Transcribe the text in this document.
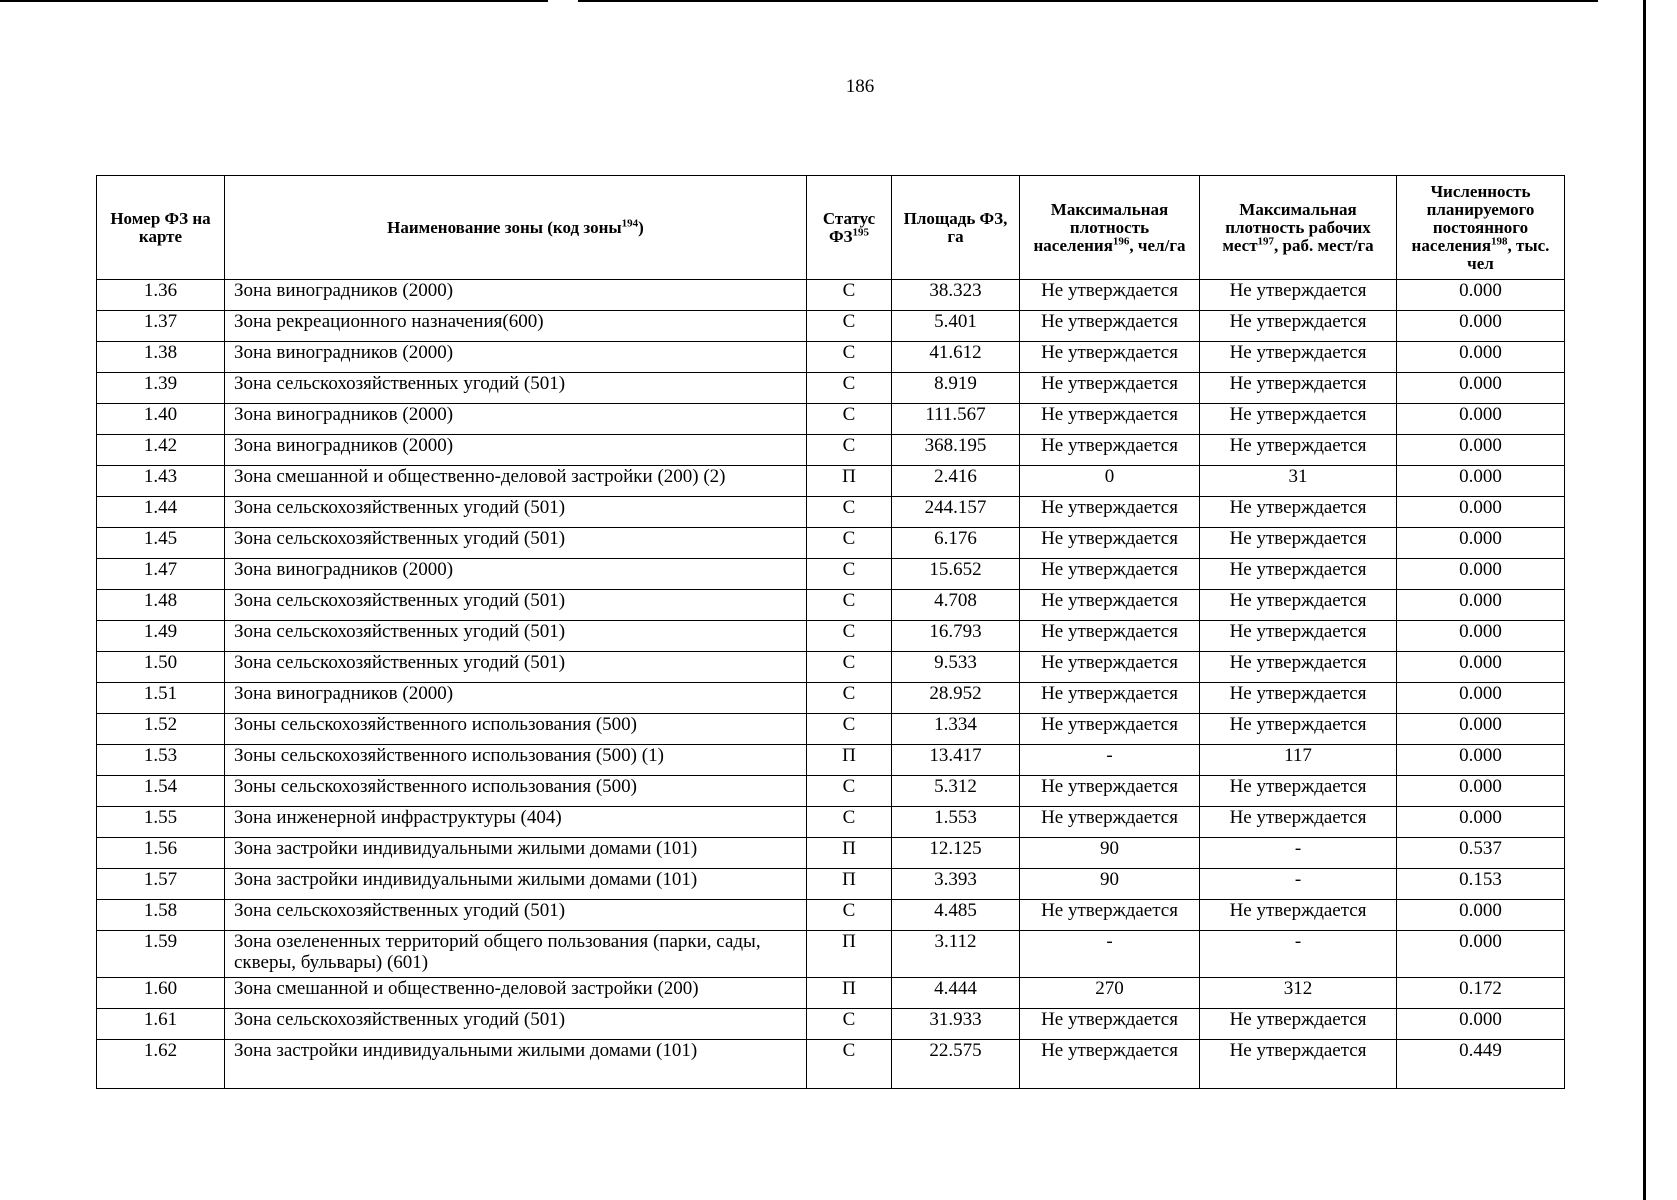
186
Номер ФЗ на карте	Наименование зоны (код зоны$^{194}$)	Статус ФЗ$^{195}$	Площадь ФЗ, га	Максимальная плотность населения$^{196}$, чел/га	Максимальная плотность рабочих мест$^{197}$, раб. мест/га	Численность планируемого постоянного населения$^{198}$, тыс. чел
1.36	Зона виноградников (2000)	С	38.323	Не утверждается	Не утверждается	0.000
1.37	Зона рекреационного назначения(600)	С	5.401	Не утверждается	Не утверждается	0.000
1.38	Зона виноградников (2000)	С	41.612	Не утверждается	Не утверждается	0.000
1.39	Зона сельскохозяйственных угодий (501)	С	8.919	Не утверждается	Не утверждается	0.000
1.40	Зона виноградников (2000)	С	111.567	Не утверждается	Не утверждается	0.000
1.42	Зона виноградников (2000)	С	368.195	Не утверждается	Не утверждается	0.000
1.43	Зона смешанной и общественно-деловой застройки (200) (2)	П	2.416	0	31	0.000
1.44	Зона сельскохозяйственных угодий (501)	С	244.157	Не утверждается	Не утверждается	0.000
1.45	Зона сельскохозяйственных угодий (501)	С	6.176	Не утверждается	Не утверждается	0.000
1.47	Зона виноградников (2000)	С	15.652	Не утверждается	Не утверждается	0.000
1.48	Зона сельскохозяйственных угодий (501)	С	4.708	Не утверждается	Не утверждается	0.000
1.49	Зона сельскохозяйственных угодий (501)	С	16.793	Не утверждается	Не утверждается	0.000
1.50	Зона сельскохозяйственных угодий (501)	С	9.533	Не утверждается	Не утверждается	0.000
1.51	Зона виноградников (2000)	С	28.952	Не утверждается	Не утверждается	0.000
1.52	Зоны сельскохозяйственного использования (500)	С	1.334	Не утверждается	Не утверждается	0.000
1.53	Зоны сельскохозяйственного использования (500) (1)	П	13.417	-	117	0.000
1.54	Зоны сельскохозяйственного использования (500)	С	5.312	Не утверждается	Не утверждается	0.000
1.55	Зона инженерной инфраструктуры (404)	С	1.553	Не утверждается	Не утверждается	0.000
1.56	Зона застройки индивидуальными жилыми домами (101)	П	12.125	90	-	0.537
1.57	Зона застройки индивидуальными жилыми домами (101)	П	3.393	90	-	0.153
1.58	Зона сельскохозяйственных угодий (501)	С	4.485	Не утверждается	Не утверждается	0.000
1.59	Зона озелененных территорий общего пользования (парки, сады, скверы, бульвары) (601)	П	3.112	-	-	0.000
1.60	Зона смешанной и общественно-деловой застройки (200)	П	4.444	270	312	0.172
1.61	Зона сельскохозяйственных угодий (501)	С	31.933	Не утверждается	Не утверждается	0.000
1.62	Зона застройки индивидуальными жилыми домами (101)	С	22.575	Не утверждается	Не утверждается	0.449
